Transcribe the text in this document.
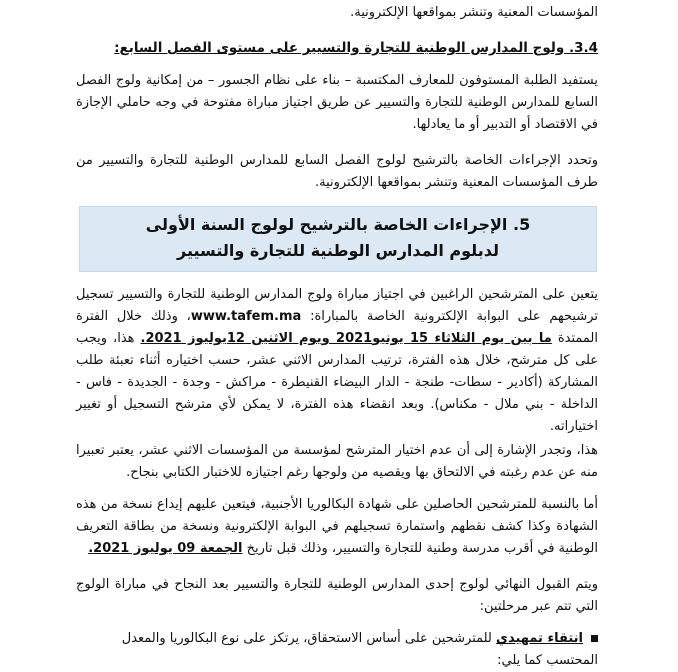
المؤسسات المعنية وتنشر بمواقعها الإلكترونية.

3.4. ولوج المدارس الوطنية للتجارة والتسيير على مستوى الفصل السابع:

يستفيد الطلبة المستوفون للمعارف المكتسبة – بناء على نظام الجسور – من إمكانية ولوج الفصل السابع للمدارس الوطنية للتجارة والتسيير عن طريق اجتياز مباراة مفتوحة في وجه حاملي الإجازة في الاقتصاد أو التدبير أو ما يعادلها.

وتحدد الإجراءات الخاصة بالترشيح لولوج الفصل السابع للمدارس الوطنية للتجارة والتسيير من طرف المؤسسات المعنية وتنشر بمواقعها الإلكترونية.

5. الإجراءات الخاصة بالترشيح لولوج السنة الأولى
لدبلوم المدارس الوطنية للتجارة والتسيير

يتعين على المترشحين الراغبين في اجتياز مباراة ولوج المدارس الوطنية للتجارة والتسيير تسجيل ترشيحهم على البوابة الإلكترونية الخاصة بالمباراة: www.tafem.ma، وذلك خلال الفترة الممتدة ما بين يوم الثلاثاء 15 يونيو2021 ويوم الاثنين 12يوليوز 2021. هذا، ويجب على كل مترشح، خلال هذه الفترة، ترتيب المدارس الاثني عشر، حسب اختياره أثناء تعبئة طلب المشاركة (أكادير - سطات- طنجة - الدار البيضاء القنيطرة - مراكش - وجدة - الجديدة - فاس - الداخلة - بني ملال - مكناس). وبعد انقضاء هذه الفترة، لا يمكن لأي مترشح التسجيل أو تغيير اختياراته.

هذا، وتجدر الإشارة إلى أن عدم اختيار المترشح لمؤسسة من المؤسسات الاثني عشر، يعتبر تعبيرا منه عن عدم رغبته في الالتحاق بها ويقصيه من ولوجها رغم اجتيازه للاختبار الكتابي بنجاح.

أما بالنسبة للمترشحين الحاصلين على شهادة البكالوريا الأجنبية، فيتعين عليهم إيداع نسخة من هذه الشهادة وكذا كشف نقطهم واستمارة تسجيلهم في البوابة الإلكترونية ونسخة من بطاقة التعريف الوطنية في أقرب مدرسة وطنية للتجارة والتسيير، وذلك قبل تاريخ الجمعة 09 يوليوز 2021.

ويتم القبول النهائي لولوج إحدى المدارس الوطنية للتجارة والتسيير بعد النجاح في مباراة الولوج التي تتم عبر مرحلتين:

انتقاء تمهيدي للمترشحين على أساس الاستحقاق، يرتكز على نوع البكالوريا والمعدل المحتسب كما يلي:
